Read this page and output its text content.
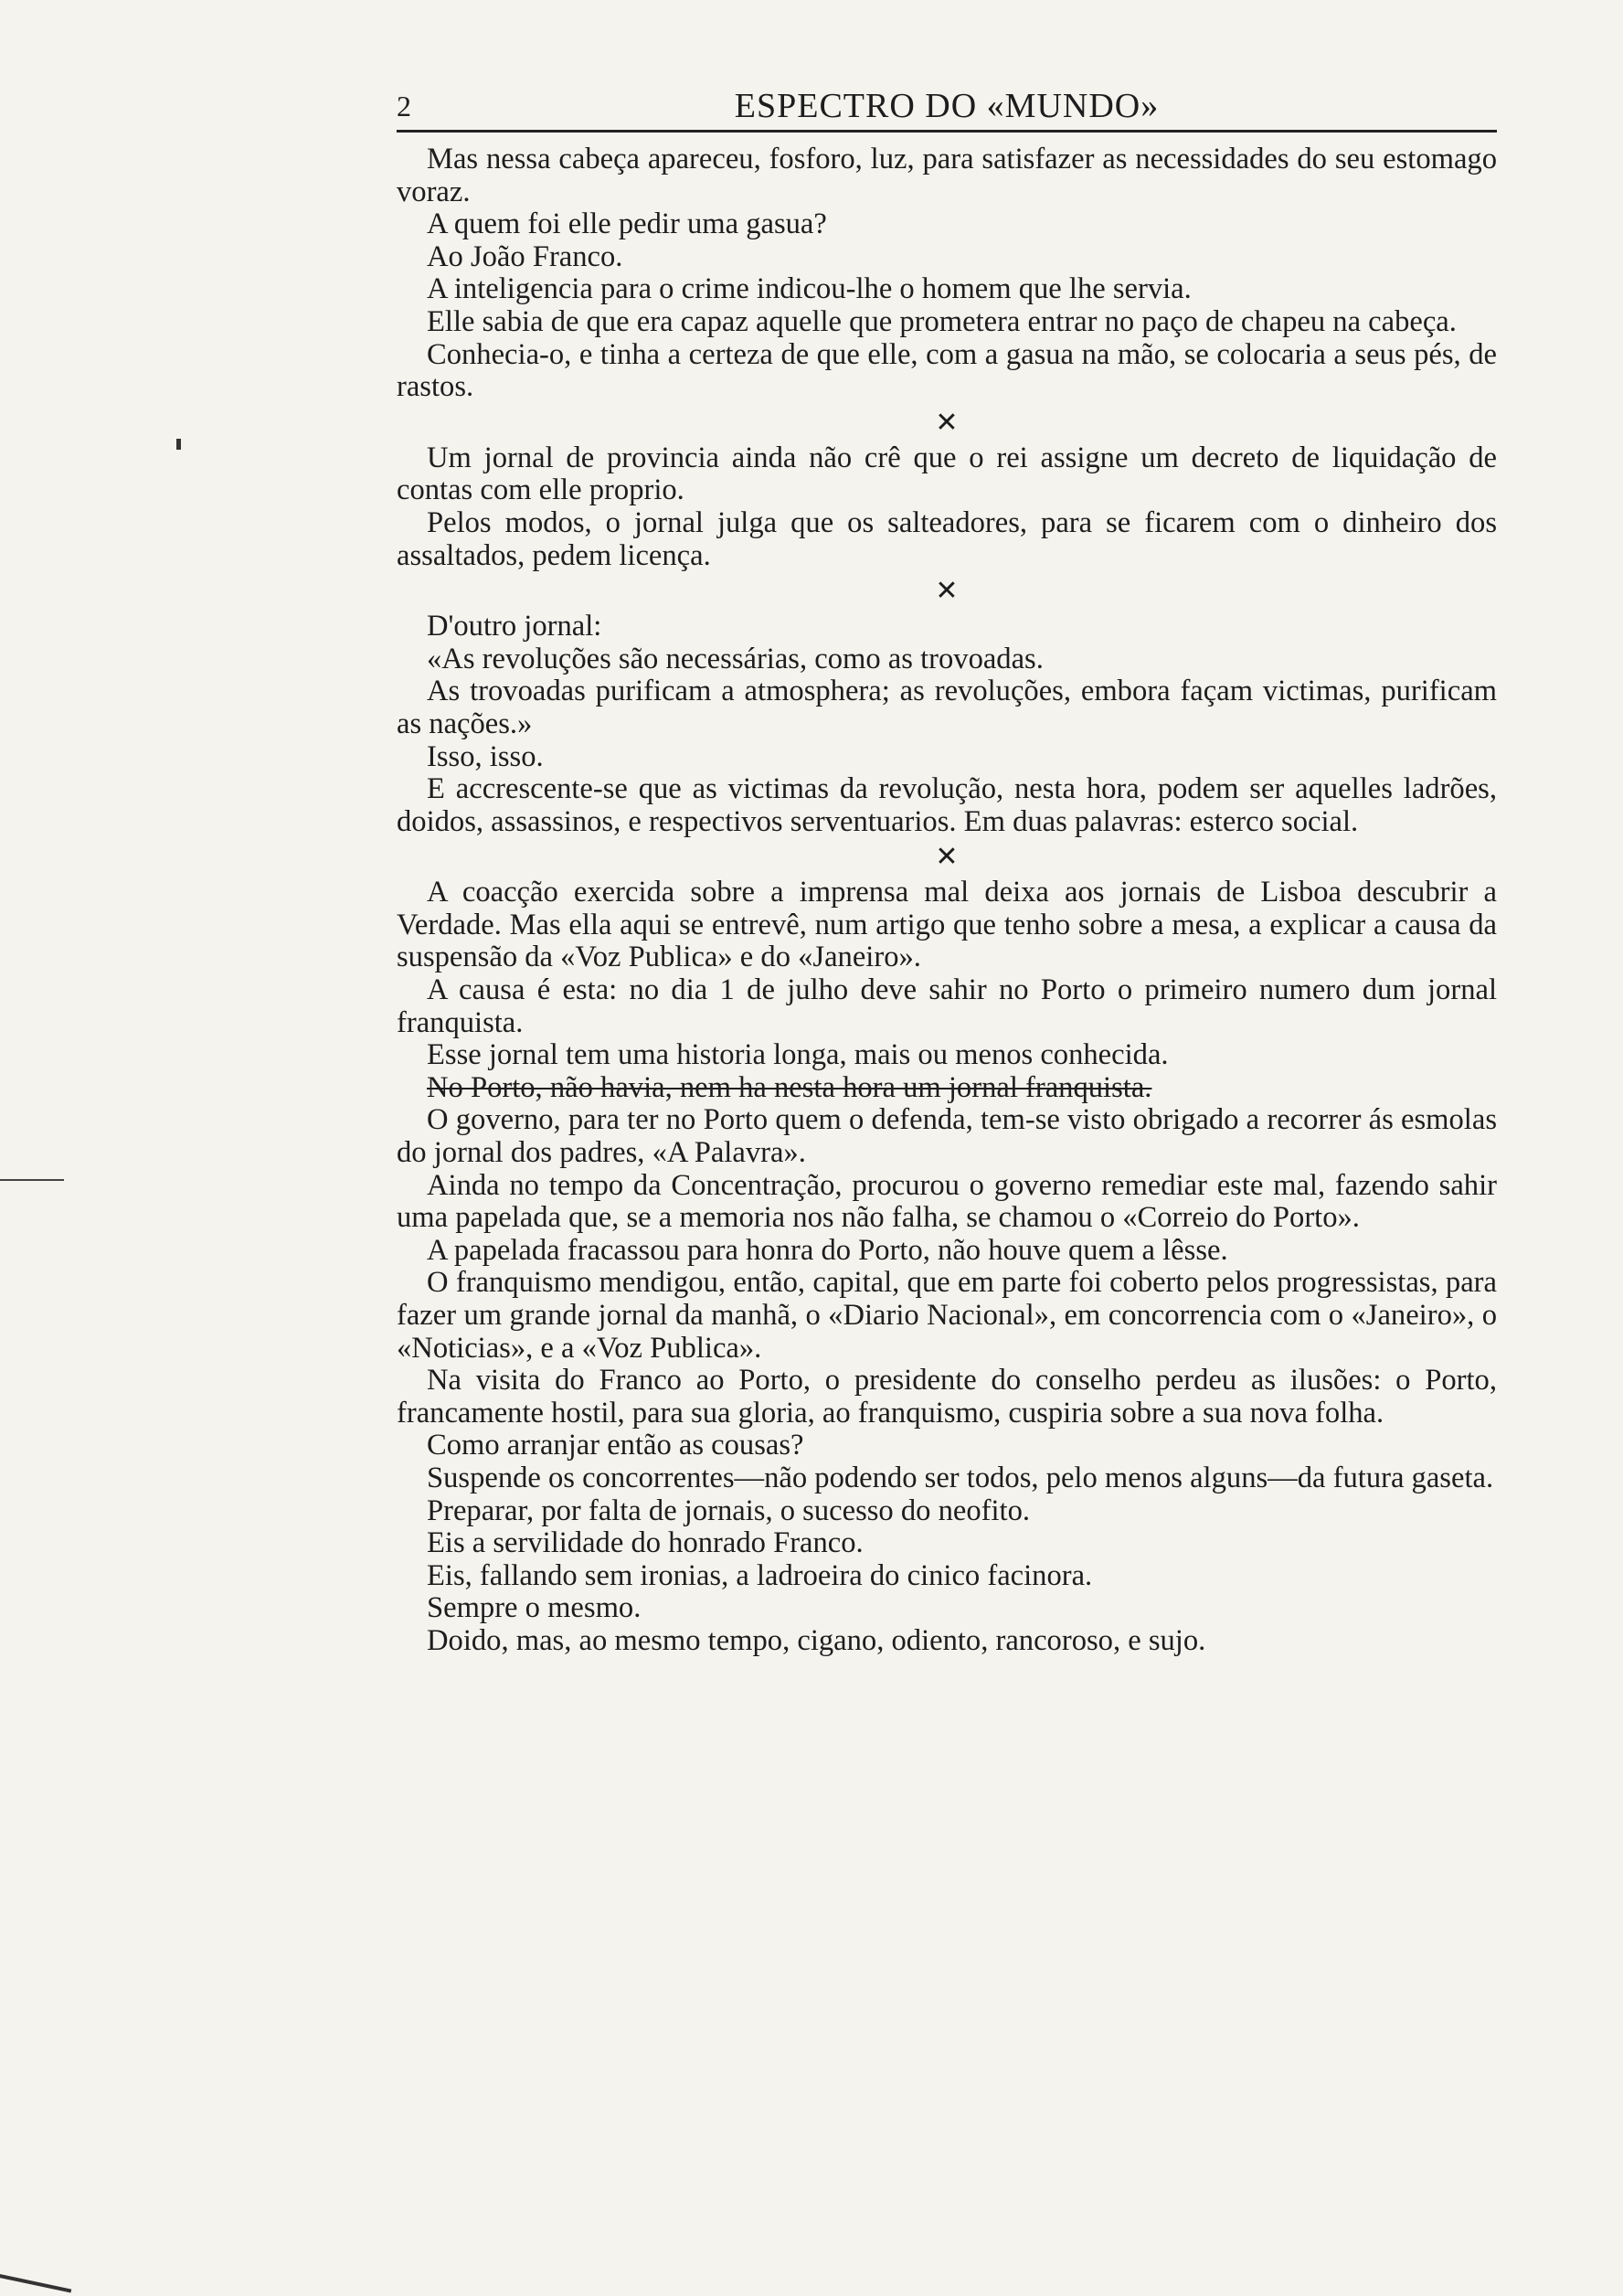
2	ESPECTRO DO «MUNDO»

Mas nessa cabeça apareceu, fosforo, luz, para satisfazer as necessidades do seu estomago voraz.

A quem foi elle pedir uma gasua?

Ao João Franco.

A inteligencia para o crime indicou-lhe o homem que lhe servia.

Elle sabia de que era capaz aquelle que prometera entrar no paço de chapeu na cabeça.

Conhecia-o, e tinha a certeza de que elle, com a gasua na mão, se colocaria a seus pés, de rastos.

✕

Um jornal de provincia ainda não crê que o rei assigne um decreto de liquidação de contas com elle proprio.

Pelos modos, o jornal julga que os salteadores, para se ficarem com o dinheiro dos assaltados, pedem licença.

✕

D'outro jornal:

«As revoluções são necessárias, como as trovoadas.

As trovoadas purificam a atmosphera; as revoluções, embora façam victimas, purificam as nações.»

Isso, isso.

E accrescente-se que as victimas da revolução, nesta hora, podem ser aquelles ladrões, doidos, assassinos, e respectivos serventuarios. Em duas palavras: esterco social.

✕

A coacção exercida sobre a imprensa mal deixa aos jornais de Lisboa descubrir a Verdade. Mas ella aqui se entrevê, num artigo que tenho sobre a mesa, a explicar a causa da suspensão da «Voz Publica» e do «Janeiro».

A causa é esta: no dia 1 de julho deve sahir no Porto o primeiro numero dum jornal franquista.

Esse jornal tem uma historia longa, mais ou menos conhecida.

No Porto, não havia, nem ha nesta hora um jornal franquista.

O governo, para ter no Porto quem o defenda, tem-se visto obrigado a recorrer ás esmolas do jornal dos padres, «A Palavra».

Ainda no tempo da Concentração, procurou o governo remediar este mal, fazendo sahir uma papelada que, se a memoria nos não falha, se chamou o «Correio do Porto».

A papelada fracassou para honra do Porto, não houve quem a lêsse.

O franquismo mendigou, então, capital, que em parte foi coberto pelos progressistas, para fazer um grande jornal da manhã, o «Diario Nacional», em concorrencia com o «Janeiro», o «Noticias», e a «Voz Publica».

Na visita do Franco ao Porto, o presidente do conselho perdeu as ilusões: o Porto, francamente hostil, para sua gloria, ao franquismo, cuspiria sobre a sua nova folha.

Como arranjar então as cousas?

Suspende os concorrentes—não podendo ser todos, pelo menos alguns—da futura gaseta.

Preparar, por falta de jornais, o sucesso do neofito.

Eis a servilidade do honrado Franco.

Eis, fallando sem ironias, a ladroeira do cinico facinora.

Sempre o mesmo.

Doido, mas, ao mesmo tempo, cigano, odiento, rancoroso, e sujo.
